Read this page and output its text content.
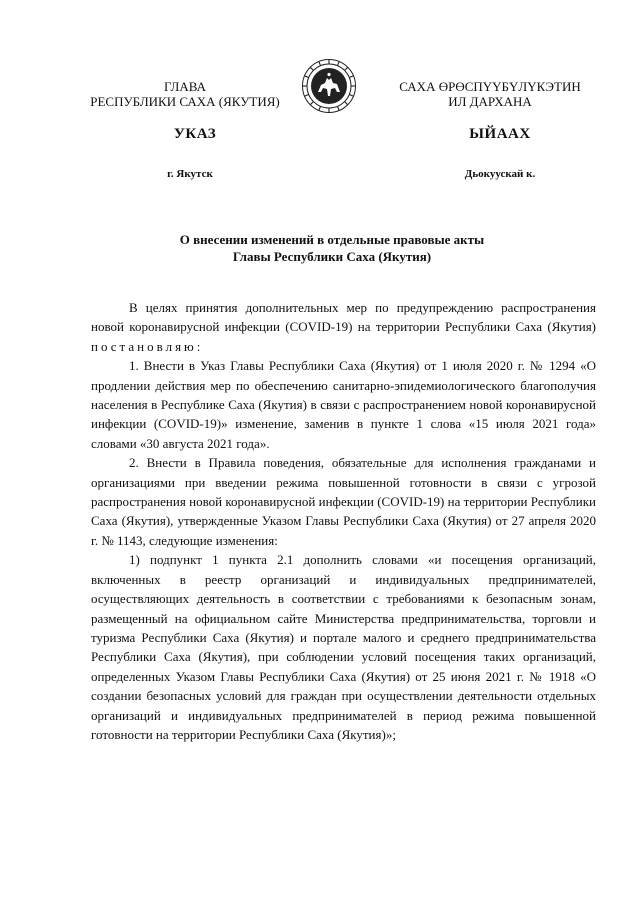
ГЛАВА
РЕСПУБЛИКИ САХА (ЯКУТИЯ)
САХА ӨРӨСПҮҮБҮЛҮКЭТИН
ИЛ ДАРХАНА
УКАЗ	ЫЙААХ
г. Якутск	Дьокуускай к.
О внесении изменений в отдельные правовые акты
Главы Республики Саха (Якутия)

В целях принятия дополнительных мер по предупреждению распространения новой коронавирусной инфекции (COVID-19) на территории Республики Саха (Якутия) постановляю:

1. Внести в Указ Главы Республики Саха (Якутия) от 1 июля 2020 г. № 1294 «О продлении действия мер по обеспечению санитарно-эпидемиологического благополучия населения в Республике Саха (Якутия) в связи с распространением новой коронавирусной инфекции (COVID-19)» изменение, заменив в пункте 1 слова «15 июля 2021 года» словами «30 августа 2021 года».

2. Внести в Правила поведения, обязательные для исполнения гражданами и организациями при введении режима повышенной готовности в связи с угрозой распространения новой коронавирусной инфекции (COVID-19) на территории Республики Саха (Якутия), утвержденные Указом Главы Республики Саха (Якутия) от 27 апреля 2020 г. № 1143, следующие изменения:

1) подпункт 1 пункта 2.1 дополнить словами «и посещения организаций, включенных в реестр организаций и индивидуальных предпринимателей, осуществляющих деятельность в соответствии с требованиями к безопасным зонам, размещенный на официальном сайте Министерства предпринимательства, торговли и туризма Республики Саха (Якутия) и портале малого и среднего предпринимательства Республики Саха (Якутия), при соблюдении условий посещения таких организаций, определенных Указом Главы Республики Саха (Якутия) от 25 июня 2021 г. № 1918 «О создании безопасных условий для граждан при осуществлении деятельности отдельных организаций и индивидуальных предпринимателей в период режима повышенной готовности на территории Республики Саха (Якутия)»;
